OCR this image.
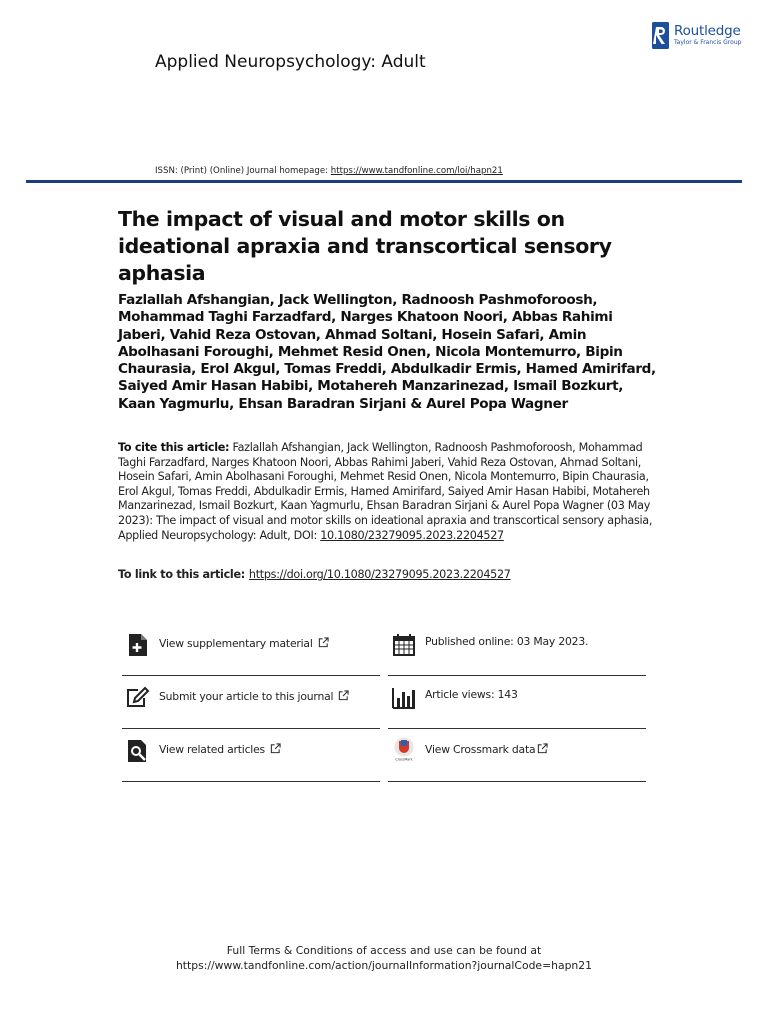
Routledge
Taylor & Francis Group
Applied Neuropsychology: Adult
ISSN: (Print) (Online) Journal homepage: https://www.tandfonline.com/loi/hapn21
The impact of visual and motor skills on ideational apraxia and transcortical sensory aphasia
Fazlallah Afshangian, Jack Wellington, Radnoosh Pashmoforoosh, Mohammad Taghi Farzadfard, Narges Khatoon Noori, Abbas Rahimi Jaberi, Vahid Reza Ostovan, Ahmad Soltani, Hosein Safari, Amin Abolhasani Foroughi, Mehmet Resid Onen, Nicola Montemurro, Bipin Chaurasia, Erol Akgul, Tomas Freddi, Abdulkadir Ermis, Hamed Amirifard, Saiyed Amir Hasan Habibi, Motahereh Manzarinezad, Ismail Bozkurt, Kaan Yagmurlu, Ehsan Baradran Sirjani & Aurel Popa Wagner
To cite this article: Fazlallah Afshangian, Jack Wellington, Radnoosh Pashmoforoosh, Mohammad Taghi Farzadfard, Narges Khatoon Noori, Abbas Rahimi Jaberi, Vahid Reza Ostovan, Ahmad Soltani, Hosein Safari, Amin Abolhasani Foroughi, Mehmet Resid Onen, Nicola Montemurro, Bipin Chaurasia, Erol Akgul, Tomas Freddi, Abdulkadir Ermis, Hamed Amirifard, Saiyed Amir Hasan Habibi, Motahereh Manzarinezad, Ismail Bozkurt, Kaan Yagmurlu, Ehsan Baradran Sirjani & Aurel Popa Wagner (03 May 2023): The impact of visual and motor skills on ideational apraxia and transcortical sensory aphasia, Applied Neuropsychology: Adult, DOI: 10.1080/23279095.2023.2204527
To link to this article: https://doi.org/10.1080/23279095.2023.2204527
View supplementary material	Published online: 03 May 2023.
Submit your article to this journal	Article views: 143
View related articles
CrossMark
View Crossmark data
Full Terms & Conditions of access and use can be found at
https://www.tandfonline.com/action/journalInformation?journalCode=hapn21
